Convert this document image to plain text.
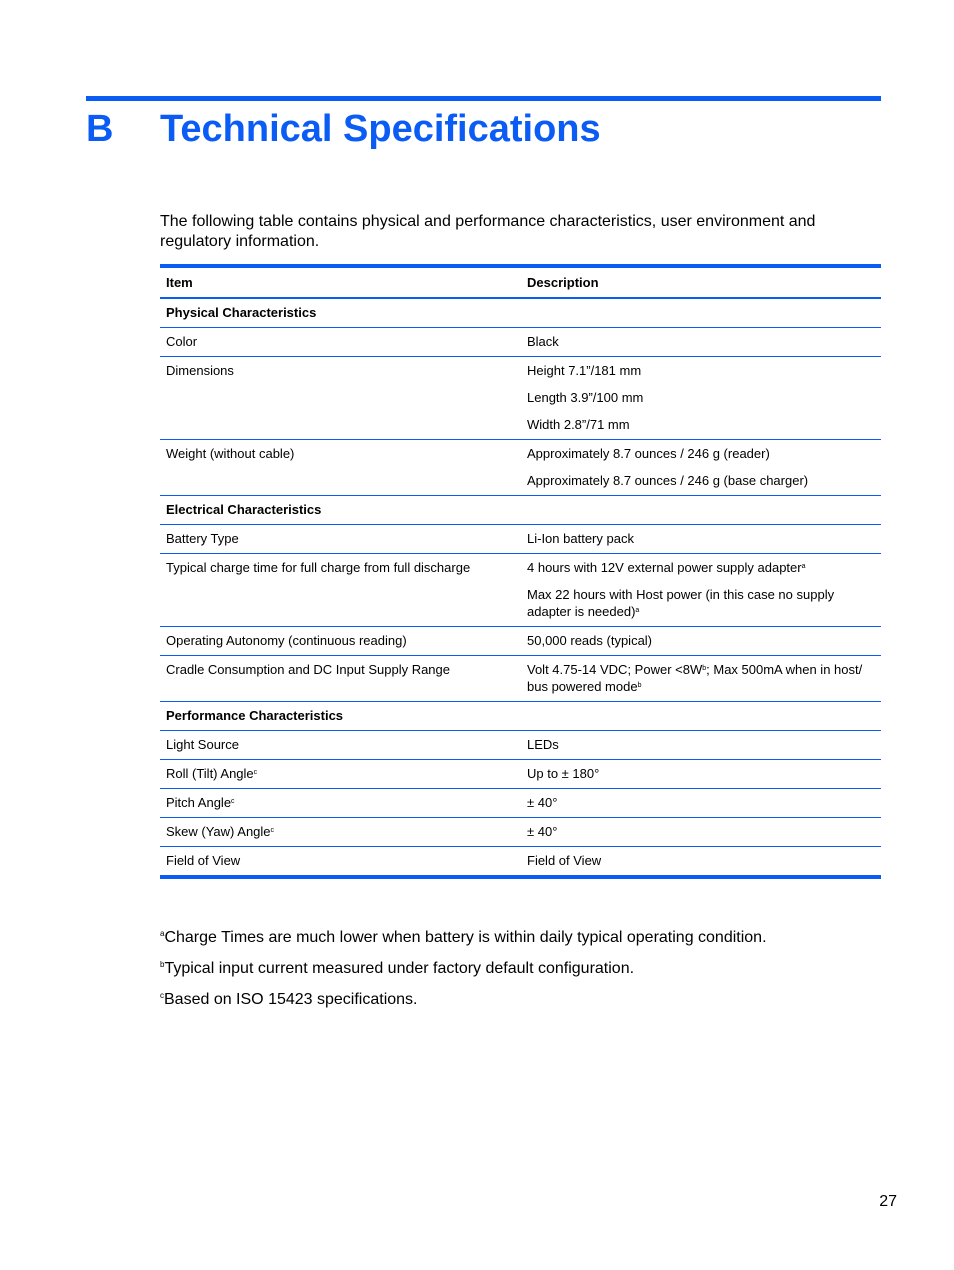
B Technical Specifications

The following table contains physical and performance characteristics, user environment and regulatory information.

Item	Description
Physical Characteristics	
Color	Black
Dimensions	Height 7.1”/181 mm
Length 3.9”/100 mm
Width 2.8”/71 mm

Weight (without cable)	Approximately 8.7 ounces / 246 g (reader)
Approximately 8.7 ounces / 246 g (base charger)

Electrical Characteristics	
Battery Type	Li-Ion battery pack
Typical charge time for full charge from full discharge	4 hours with 12V external power supply adapter$^a$
Max 22 hours with Host power (in this case no supply adapter is needed)$^a$

Operating Autonomy (continuous reading)	50,000 reads (typical)
Cradle Consumption and DC Input Supply Range	Volt 4.75-14 VDC; Power $<8W^b$; Max 500mA when in host/ bus powered mode$^b$
Performance Characteristics	
Light Source	LEDs
Roll (Tilt) Angle$^c$	Up to ± 180°
Pitch Angle$^c$	± 40°
Skew (Yaw) Angle$^c$	± 40°
Field of View	Field of View

$^a$Charge Times are much lower when battery is within daily typical operating condition.

$^b$Typical input current measured under factory default configuration.

$^c$Based on ISO 15423 specifications.

27
